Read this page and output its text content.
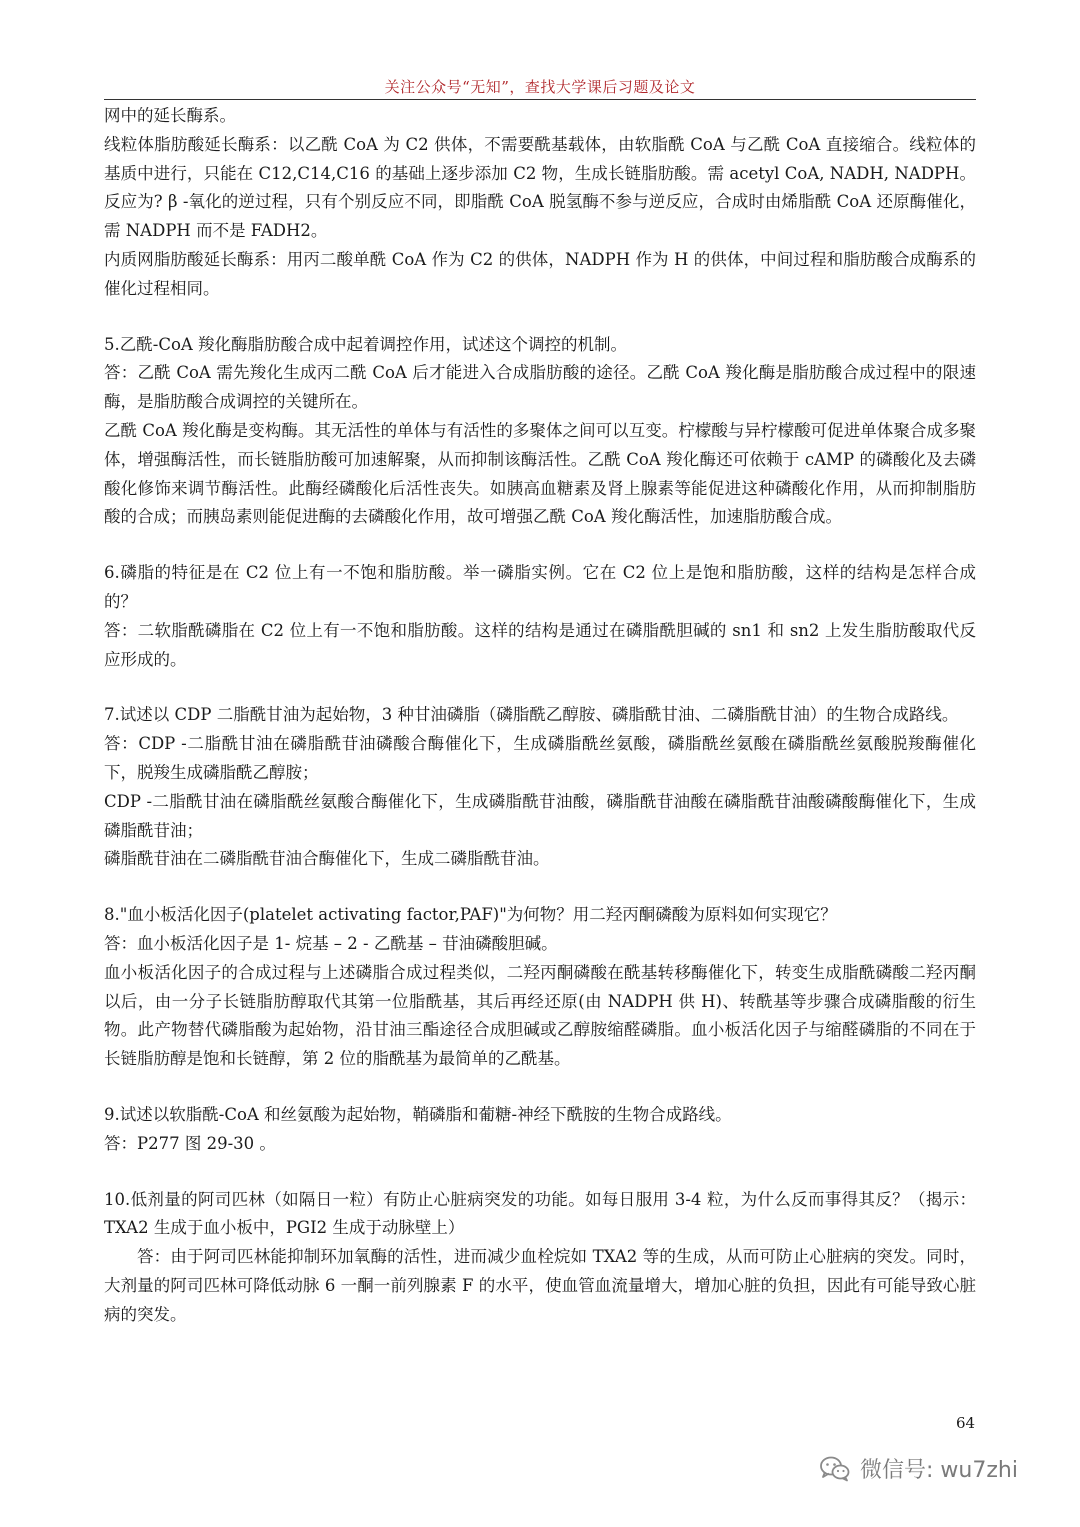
关注公众号“无知”，查找大学课后习题及论文

网中的延长酶系。

线粒体脂肪酸延长酶系：以乙酰 CoA 为 C2 供体，不需要酰基载体，由软脂酰 CoA 与乙酰 CoA 直接缩合。线粒体的基质中进行，只能在 C12,C14,C16 的基础上逐步添加 C2 物，生成长链脂肪酸。需 acetyl CoA, NADH, NADPH。反应为? β -氧化的逆过程，只有个别反应不同，即脂酰 CoA 脱氢酶不参与逆反应，合成时由烯脂酰 CoA 还原酶催化，需 NADPH 而不是 FADH2。

内质网脂肪酸延长酶系：用丙二酸单酰 CoA 作为 C2 的供体，NADPH 作为 H 的供体，中间过程和脂肪酸合成酶系的催化过程相同。

5.乙酰-CoA 羧化酶脂肪酸合成中起着调控作用，试述这个调控的机制。

答：乙酰 CoA 需先羧化生成丙二酰 CoA 后才能进入合成脂肪酸的途径。乙酰 CoA 羧化酶是脂肪酸合成过程中的限速酶，是脂肪酸合成调控的关键所在。

乙酰 CoA 羧化酶是变构酶。其无活性的单体与有活性的多聚体之间可以互变。柠檬酸与异柠檬酸可促进单体聚合成多聚体，增强酶活性，而长链脂肪酸可加速解聚，从而抑制该酶活性。乙酰 CoA 羧化酶还可依赖于 cAMP 的磷酸化及去磷酸化修饰来调节酶活性。此酶经磷酸化后活性丧失。如胰高血糖素及肾上腺素等能促进这种磷酸化作用，从而抑制脂肪酸的合成；而胰岛素则能促进酶的去磷酸化作用，故可增强乙酰 CoA 羧化酶活性，加速脂肪酸合成。

6.磷脂的特征是在 C2 位上有一不饱和脂肪酸。举一磷脂实例。它在 C2 位上是饱和脂肪酸，这样的结构是怎样合成的？

答：二软脂酰磷脂在 C2 位上有一不饱和脂肪酸。这样的结构是通过在磷脂酰胆碱的 sn1 和 sn2 上发生脂肪酸取代反应形成的。

7.试述以 CDP 二脂酰甘油为起始物，3 种甘油磷脂（磷脂酰乙醇胺、磷脂酰甘油、二磷脂酰甘油）的生物合成路线。

答：CDP -二脂酰甘油在磷脂酰苷油磷酸合酶催化下，生成磷脂酰丝氨酸，磷脂酰丝氨酸在磷脂酰丝氨酸脱羧酶催化下，脱羧生成磷脂酰乙醇胺；

CDP -二脂酰甘油在磷脂酰丝氨酸合酶催化下，生成磷脂酰苷油酸，磷脂酰苷油酸在磷脂酰苷油酸磷酸酶催化下，生成磷脂酰苷油；

磷脂酰苷油在二磷脂酰苷油合酶催化下，生成二磷脂酰苷油。

8."血小板活化因子(platelet activating factor,PAF)"为何物？用二羟丙酮磷酸为原料如何实现它？

答：血小板活化因子是 1- 烷基 – 2 - 乙酰基 – 苷油磷酸胆碱。

血小板活化因子的合成过程与上述磷脂合成过程类似，二羟丙酮磷酸在酰基转移酶催化下，转变生成脂酰磷酸二羟丙酮以后，由一分子长链脂肪醇取代其第一位脂酰基，其后再经还原(由 NADPH 供 H)、转酰基等步骤合成磷脂酸的衍生物。此产物替代磷脂酸为起始物，沿甘油三酯途径合成胆碱或乙醇胺缩醛磷脂。血小板活化因子与缩醛磷脂的不同在于长链脂肪醇是饱和长链醇，第 2 位的脂酰基为最简单的乙酰基。

9.试述以软脂酰-CoA 和丝氨酸为起始物，鞘磷脂和葡糖-神经下酰胺的生物合成路线。

答：P277 图 29-30 。

10.低剂量的阿司匹林（如隔日一粒）有防止心脏病突发的功能。如每日服用 3-4 粒，为什么反而事得其反？（揭示：TXA2 生成于血小板中，PGI2 生成于动脉壁上）

答：由于阿司匹林能抑制环加氧酶的活性，进而减少血栓烷如 TXA2 等的生成，从而可防止心脏病的突发。同时，大剂量的阿司匹林可降低动脉 6 一酮一前列腺素 F 的水平，使血管血流量增大，增加心脏的负担，因此有可能导致心脏病的突发。

64
微信号: wu7zhi
